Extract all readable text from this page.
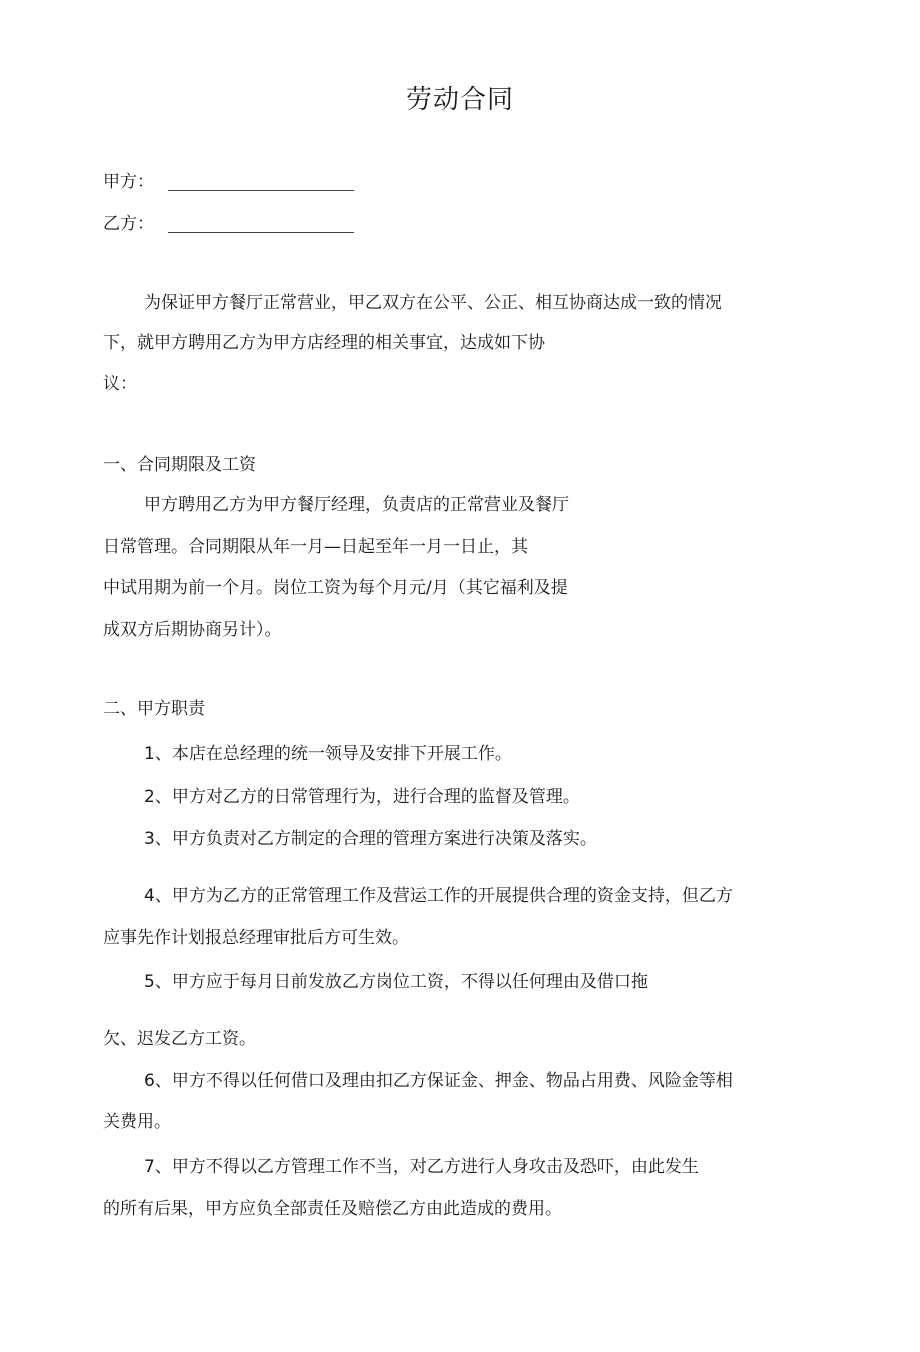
劳动合同
甲方：
乙方：
为保证甲方餐厅正常营业，甲乙双方在公平、公正、相互协商达成一致的情况
下，就甲方聘用乙方为甲方店经理的相关事宜，达成如下协
议：
一、合同期限及工资
甲方聘用乙方为甲方餐厅经理，负责店的正常营业及餐厅
日常管理。合同期限从年一月—日起至年一月一日止，其
中试用期为前一个月。岗位工资为每个月元/月（其它福利及提
成双方后期协商另计）。
二、甲方职责
1、本店在总经理的统一领导及安排下开展工作。
2、甲方对乙方的日常管理行为，进行合理的监督及管理。
3、甲方负责对乙方制定的合理的管理方案进行决策及落实。
4、甲方为乙方的正常管理工作及营运工作的开展提供合理的资金支持，但乙方
应事先作计划报总经理审批后方可生效。
5、甲方应于每月日前发放乙方岗位工资，不得以任何理由及借口拖
欠、迟发乙方工资。
6、甲方不得以任何借口及理由扣乙方保证金、押金、物品占用费、风险金等相
关费用。
7、甲方不得以乙方管理工作不当，对乙方进行人身攻击及恐吓，由此发生
的所有后果，甲方应负全部责任及赔偿乙方由此造成的费用。
